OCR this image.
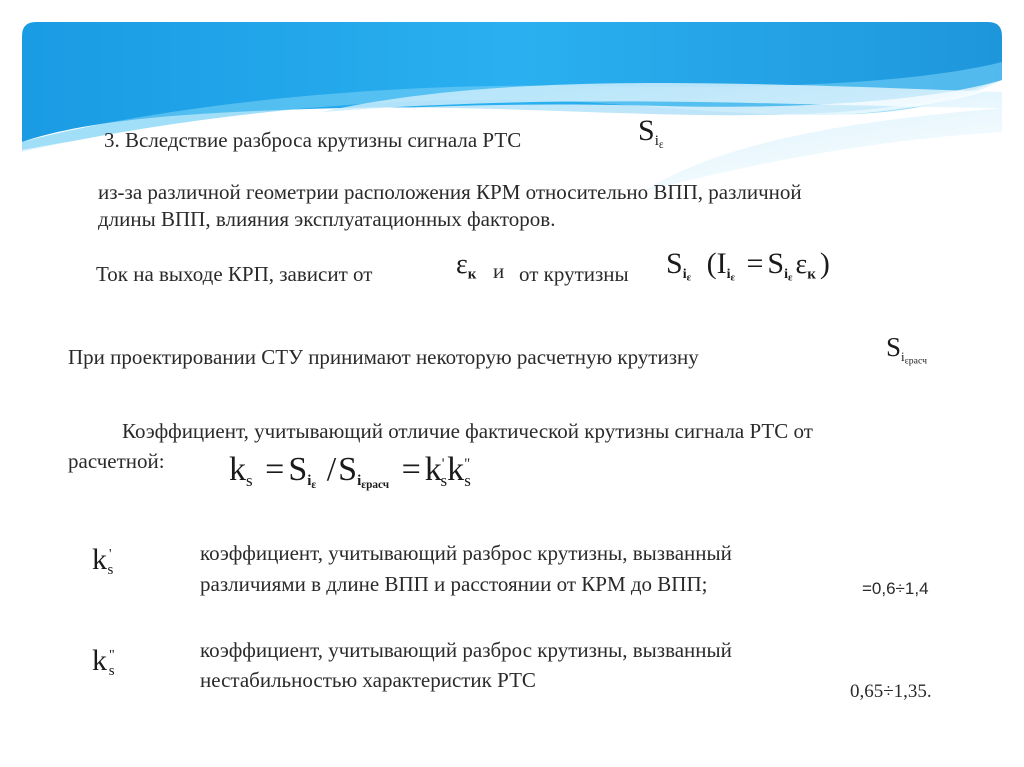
3. Вследствие разброса крутизны сигнала РТС	$S_{i\varepsilon}$
из-за различной геометрии расположения КРМ относительно ВПП, различной
длины ВПП, влияния эксплуатационных факторов.
Ток на выходе КРП, зависит от	$\varepsilon_к$ и от крутизны $S_{i\varepsilon}$ ($I_{i\varepsilon} = S_{i\varepsilon}$ $\varepsilon_к$ )
При проектировании СТУ принимают некоторую расчетную крутизну	$S_{i\varepsilon расч}$
Коэффициент, учитывающий отличие фактической крутизны сигнала РТС от
расчетной: $k_s = S_{i\varepsilon}$ $/S_{i\varepsilon расч} = k'_sk^"_s$
k '$_s$
коэффициент, учитывающий разброс крутизны, вызванный
различиями в длине ВПП и расстоянии от КРМ до ВПП;	=0,6÷1,4
k "$_s$
коэффициент, учитывающий разброс крутизны, вызванный
нестабильностью характеристик РТС	0,65÷1,35.
